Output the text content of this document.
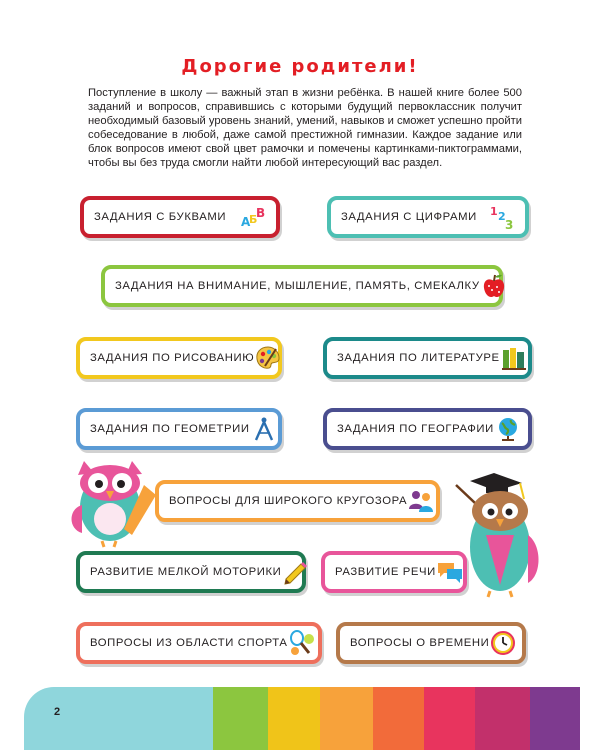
Дорогие родители!

Поступление в школу — важный этап в жизни ребёнка. В нашей книге более 500 заданий и вопросов, справившись с которыми будущий первоклассник получит необходимый базовый уровень знаний, умений, навыков и сможет успешно пройти собеседование в любой, даже самой престижной гимназии. Каждое задание или блок вопросов имеют свой цвет рамочки и помечены картинками-пиктограммами, чтобы вы без труда смогли найти любой интересующий вас раздел.

ЗАДАНИЯ С БУКВАМИ A
Б
B	ЗАДАНИЯ С ЦИФРАМИ 1 2
3
ЗАДАНИЯ НА ВНИМАНИЕ, МЫШЛЕНИЕ, ПАМЯТЬ, СМЕКАЛКУ
ЗАДАНИЯ ПО РИСОВАНИЮ	ЗАДАНИЯ ПО ЛИТЕРАТУРЕ
ЗАДАНИЯ ПО ГЕОМЕТРИИ	ЗАДАНИЯ ПО ГЕОГРАФИИ
ВОПРОСЫ ДЛЯ ШИРОКОГО КРУГОЗОРА
РАЗВИТИЕ МЕЛКОЙ МОТОРИКИ	РАЗВИТИЕ РЕЧИ
ВОПРОСЫ ИЗ ОБЛАСТИ СПОРТА	ВОПРОСЫ О ВРЕМЕНИ
2
